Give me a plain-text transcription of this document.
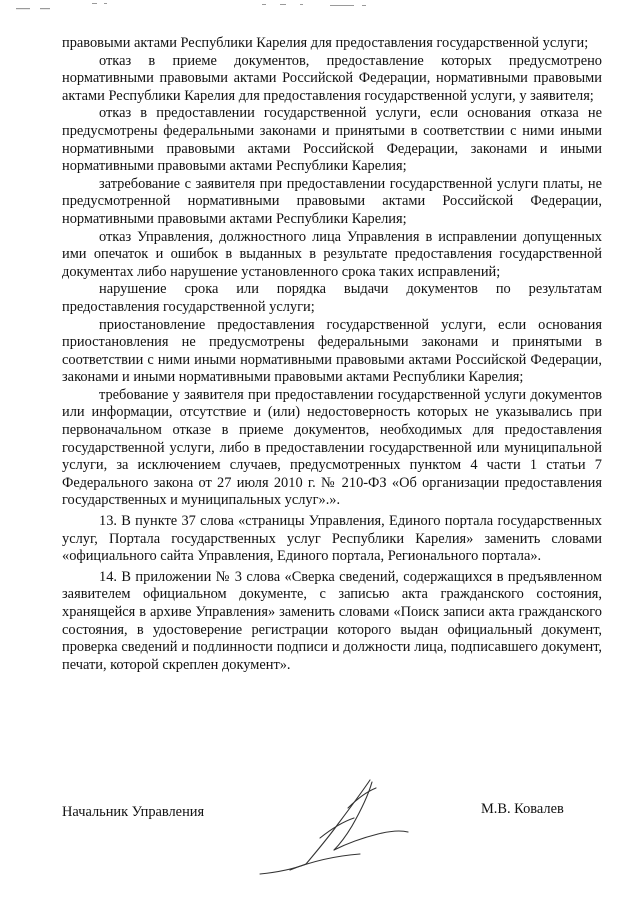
правовыми актами Республики Карелия для предоставления государственной услуги;

отказ в приеме документов, предоставление которых предусмотрено нормативными правовыми актами Российской Федерации, нормативными правовыми актами Республики Карелия для предоставления государственной услуги, у заявителя;

отказ в предоставлении государственной услуги, если основания отказа не предусмотрены федеральными законами и принятыми в соответствии с ними иными нормативными правовыми актами Российской Федерации, законами и иными нормативными правовыми актами Республики Карелия;

затребование с заявителя при предоставлении государственной услуги платы, не предусмотренной нормативными правовыми актами Российской Федерации, нормативными правовыми актами Республики Карелия;

отказ Управления, должностного лица Управления в исправлении допущенных ими опечаток и ошибок в выданных в результате предоставления государственной документах либо нарушение установленного срока таких исправлений;

нарушение срока или порядка выдачи документов по результатам предоставления государственной услуги;

приостановление предоставления государственной услуги, если основания приостановления не предусмотрены федеральными законами и принятыми в соответствии с ними иными нормативными правовыми актами Российской Федерации, законами и иными нормативными правовыми актами Республики Карелия;

требование у заявителя при предоставлении государственной услуги документов или информации, отсутствие и (или) недостоверность которых не указывались при первоначальном отказе в приеме документов, необходимых для предоставления государственной услуги, либо в предоставлении государственной или муниципальной услуги, за исключением случаев, предусмотренных пунктом 4 части 1 статьи 7 Федерального закона от 27 июля 2010 г. № 210-ФЗ «Об организации предоставления государственных и муниципальных услуг».».

13. В пункте 37 слова «страницы Управления, Единого портала государственных услуг, Портала государственных услуг Республики Карелия» заменить словами «официального сайта Управления, Единого портала, Регионального портала».

14. В приложении № 3 слова «Сверка сведений, содержащихся в предъявленном заявителем официальном документе, с записью акта гражданского состояния, хранящейся в архиве Управления» заменить словами «Поиск записи акта гражданского состояния, в удостоверение регистрации которого выдан официальный документ, проверка сведений и подлинности подписи и должности лица, подписавшего документ, печати, которой скреплен документ».

Начальник Управления	М.В. Ковалев
